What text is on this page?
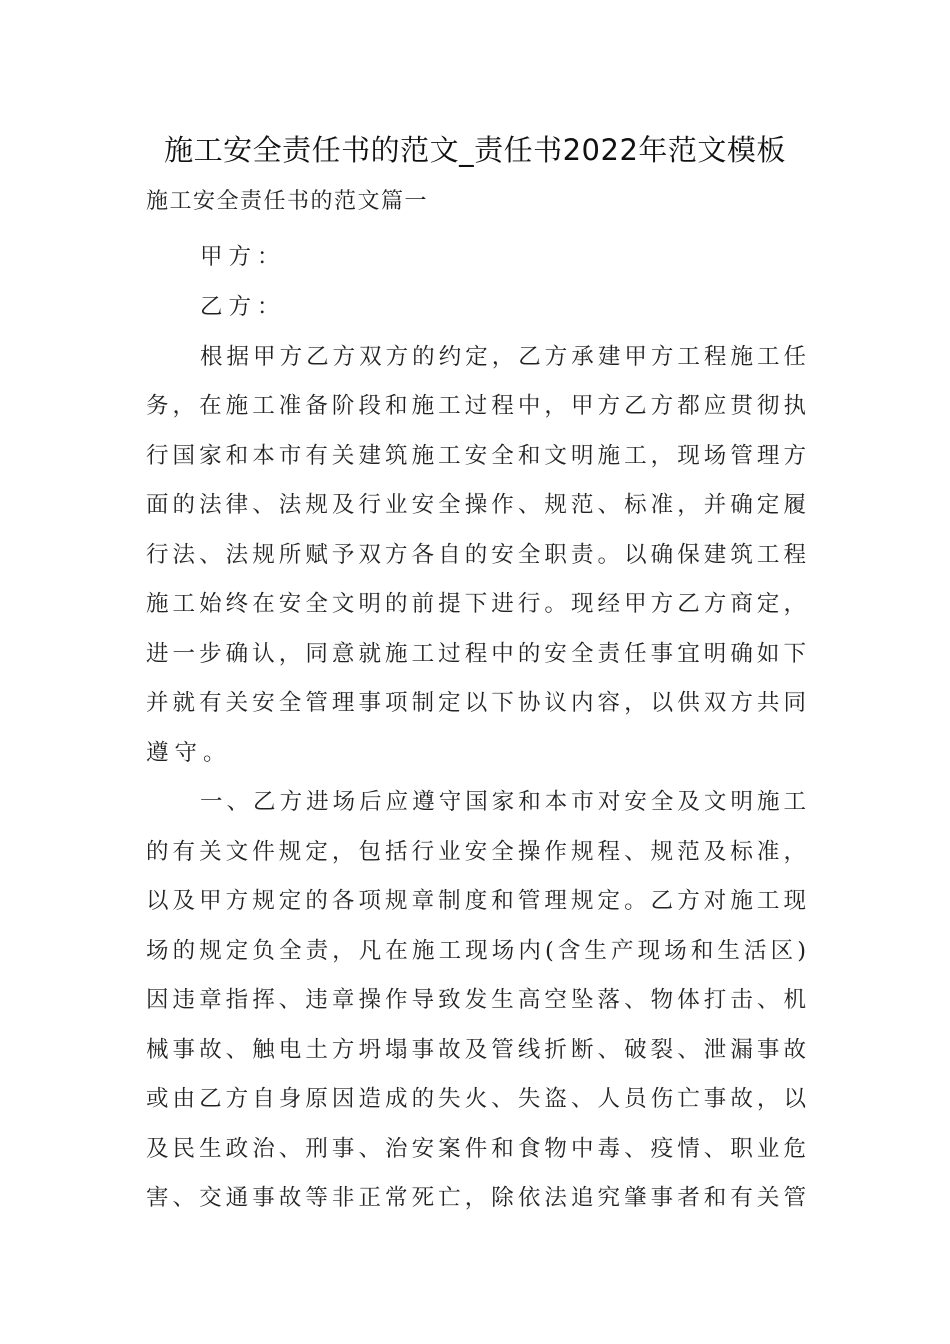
施工安全责任书的范文_责任书2022年范文模板
施工安全责任书的范文篇一
甲方：
乙方：
根据甲方乙方双方的约定，乙方承建甲方工程施工任
务，在施工准备阶段和施工过程中，甲方乙方都应贯彻执
行国家和本市有关建筑施工安全和文明施工，现场管理方
面的法律、法规及行业安全操作、规范、标准，并确定履
行法、法规所赋予双方各自的安全职责。以确保建筑工程
施工始终在安全文明的前提下进行。现经甲方乙方商定，
进一步确认，同意就施工过程中的安全责任事宜明确如下
并就有关安全管理事项制定以下协议内容，以供双方共同
遵守。
一、乙方进场后应遵守国家和本市对安全及文明施工
的有关文件规定，包括行业安全操作规程、规范及标准，
以及甲方规定的各项规章制度和管理规定。乙方对施工现
场的规定负全责，凡在施工现场内(含生产现场和生活区)
因违章指挥、违章操作导致发生高空坠落、物体打击、机
械事故、触电土方坍塌事故及管线折断、破裂、泄漏事故
或由乙方自身原因造成的失火、失盗、人员伤亡事故，以
及民生政治、刑事、治安案件和食物中毒、疫情、职业危
害、交通事故等非正常死亡，除依法追究肇事者和有关管
